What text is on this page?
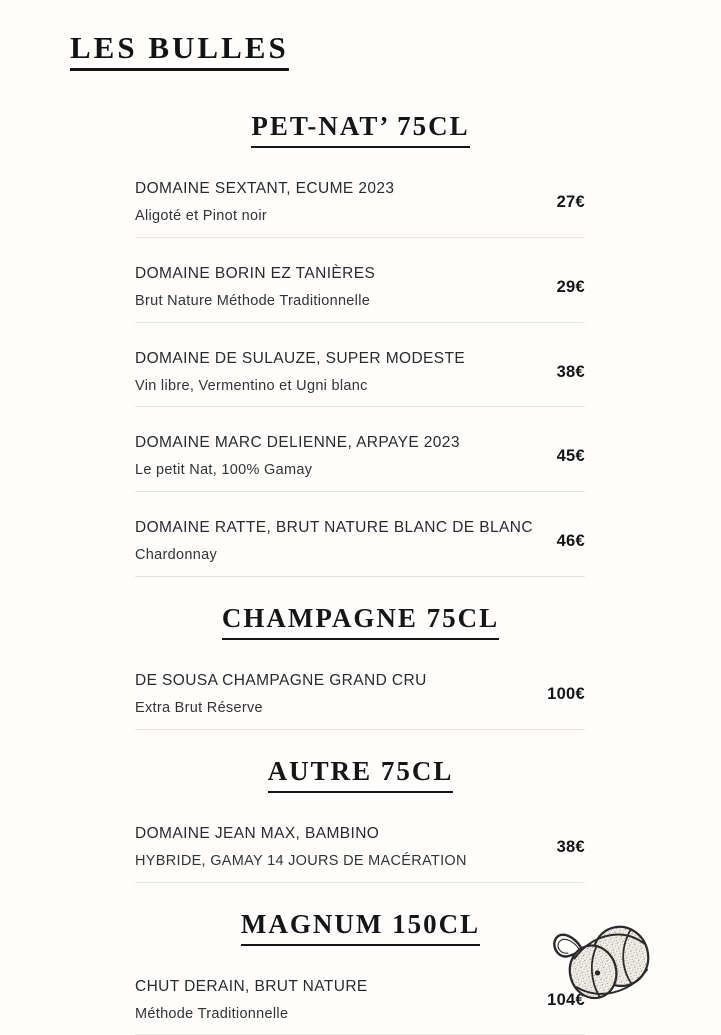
LES BULLES
PET-NAT’ 75CL
DOMAINE SEXTANT, ECUME 2023
Aligoté et Pinot noir
27€
DOMAINE BORIN EZ TANIÈRES
Brut Nature Méthode Traditionnelle
29€
DOMAINE DE SULAUZE, SUPER MODESTE
Vin libre, Vermentino et Ugni blanc
38€
DOMAINE MARC DELIENNE, ARPAYE 2023
Le petit Nat, 100% Gamay
45€
DOMAINE RATTE, BRUT NATURE BLANC DE BLANC
Chardonnay
46€
CHAMPAGNE 75CL
DE SOUSA CHAMPAGNE GRAND CRU
Extra Brut Réserve
100€
AUTRE 75CL
DOMAINE JEAN MAX, BAMBINO
HYBRIDE, GAMAY 14 JOURS DE MACÉRATION
38€
MAGNUM 150CL
CHUT DERAIN, BRUT NATURE
Méthode Traditionnelle
104€
